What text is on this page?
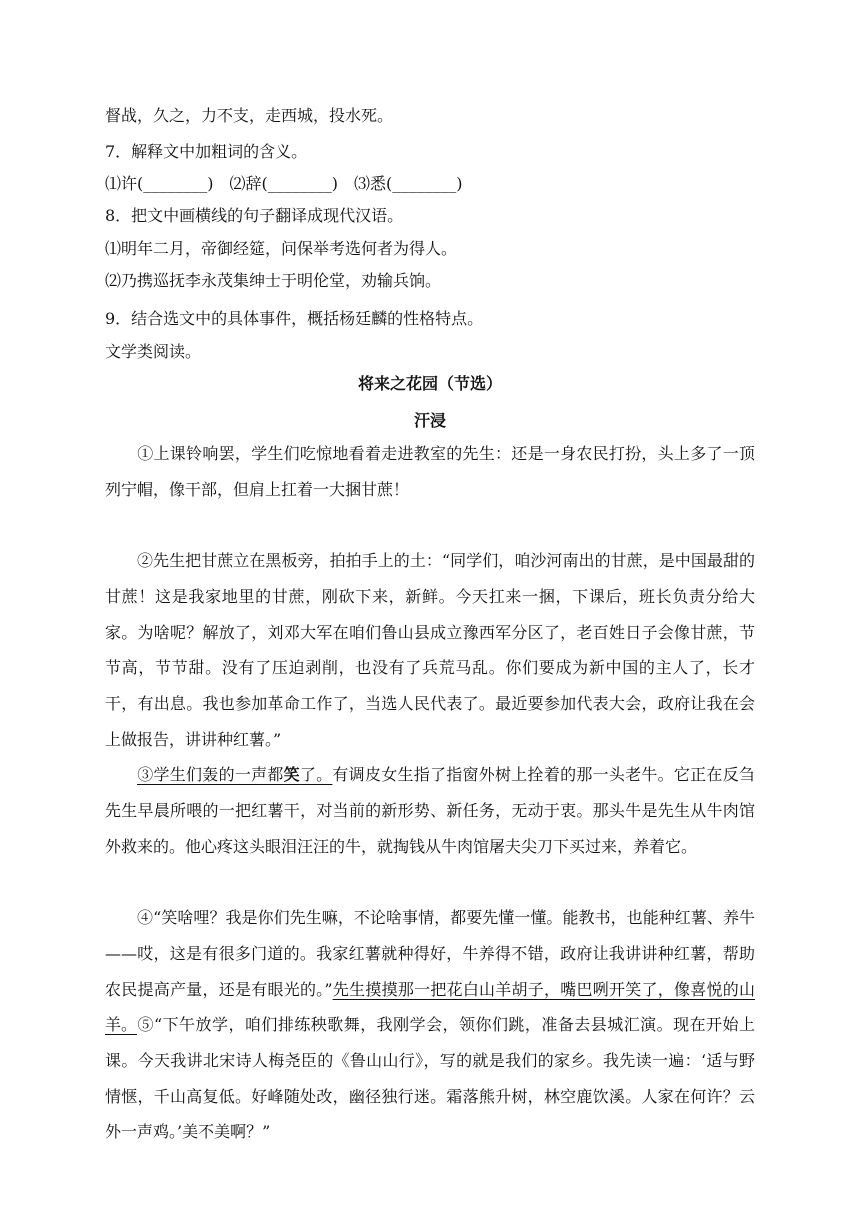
督战，久之，力不支，走西城，投水死。
7．解释文中加粗词的含义。
⑴许(________)　⑵辞(________)　⑶悉(________)
8．把文中画横线的句子翻译成现代汉语。
⑴明年二月，帝御经筵，问保举考选何者为得人。
⑵乃携巡抚李永茂集绅士于明伦堂，劝输兵饷。
9．结合选文中的具体事件，概括杨廷麟的性格特点。
文学类阅读。
将来之花园（节选）
汗浸
①上课铃响罢，学生们吃惊地看着走进教室的先生：还是一身农民打扮，头上多了一顶列宁帽，像干部，但肩上扛着一大捆甘蔗！
②先生把甘蔗立在黑板旁，拍拍手上的土：“同学们，咱沙河南出的甘蔗，是中国最甜的甘蔗！这是我家地里的甘蔗，刚砍下来，新鲜。今天扛来一捆，下课后，班长负责分给大家。为啥呢？解放了，刘邓大军在咱们鲁山县成立豫西军分区了，老百姓日子会像甘蔗，节节高，节节甜。没有了压迫剥削，也没有了兵荒马乱。你们要成为新中国的主人了，长才干，有出息。我也参加革命工作了，当选人民代表了。最近要参加代表大会，政府让我在会上做报告，讲讲种红薯。”
③学生们轰的一声都笑了。有调皮女生指了指窗外树上拴着的那一头老牛。它正在反刍先生早晨所喂的一把红薯干，对当前的新形势、新任务，无动于衷。那头牛是先生从牛肉馆外救来的。他心疼这头眼泪汪汪的牛，就掏钱从牛肉馆屠夫尖刀下买过来，养着它。
④“笑啥哩？我是你们先生嘛，不论啥事情，都要先懂一懂。能教书，也能种红薯、养牛——哎，这是有很多门道的。我家红薯就种得好，牛养得不错，政府让我讲讲种红薯，帮助农民提高产量，还是有眼光的。”先生摸摸那一把花白山羊胡子，嘴巴咧开笑了，像喜悦的山羊。 ⑤“下午放学，咱们排练秧歌舞，我刚学会，领你们跳，准备去县城汇演。现在开始上课。今天我讲北宋诗人梅尧臣的《鲁山山行》，写的就是我们的家乡。我先读一遍：‘适与野情惬，千山高复低。好峰随处改，幽径独行迷。霜落熊升树，林空鹿饮溪。人家在何许？云外一声鸡。’美不美啊？”
